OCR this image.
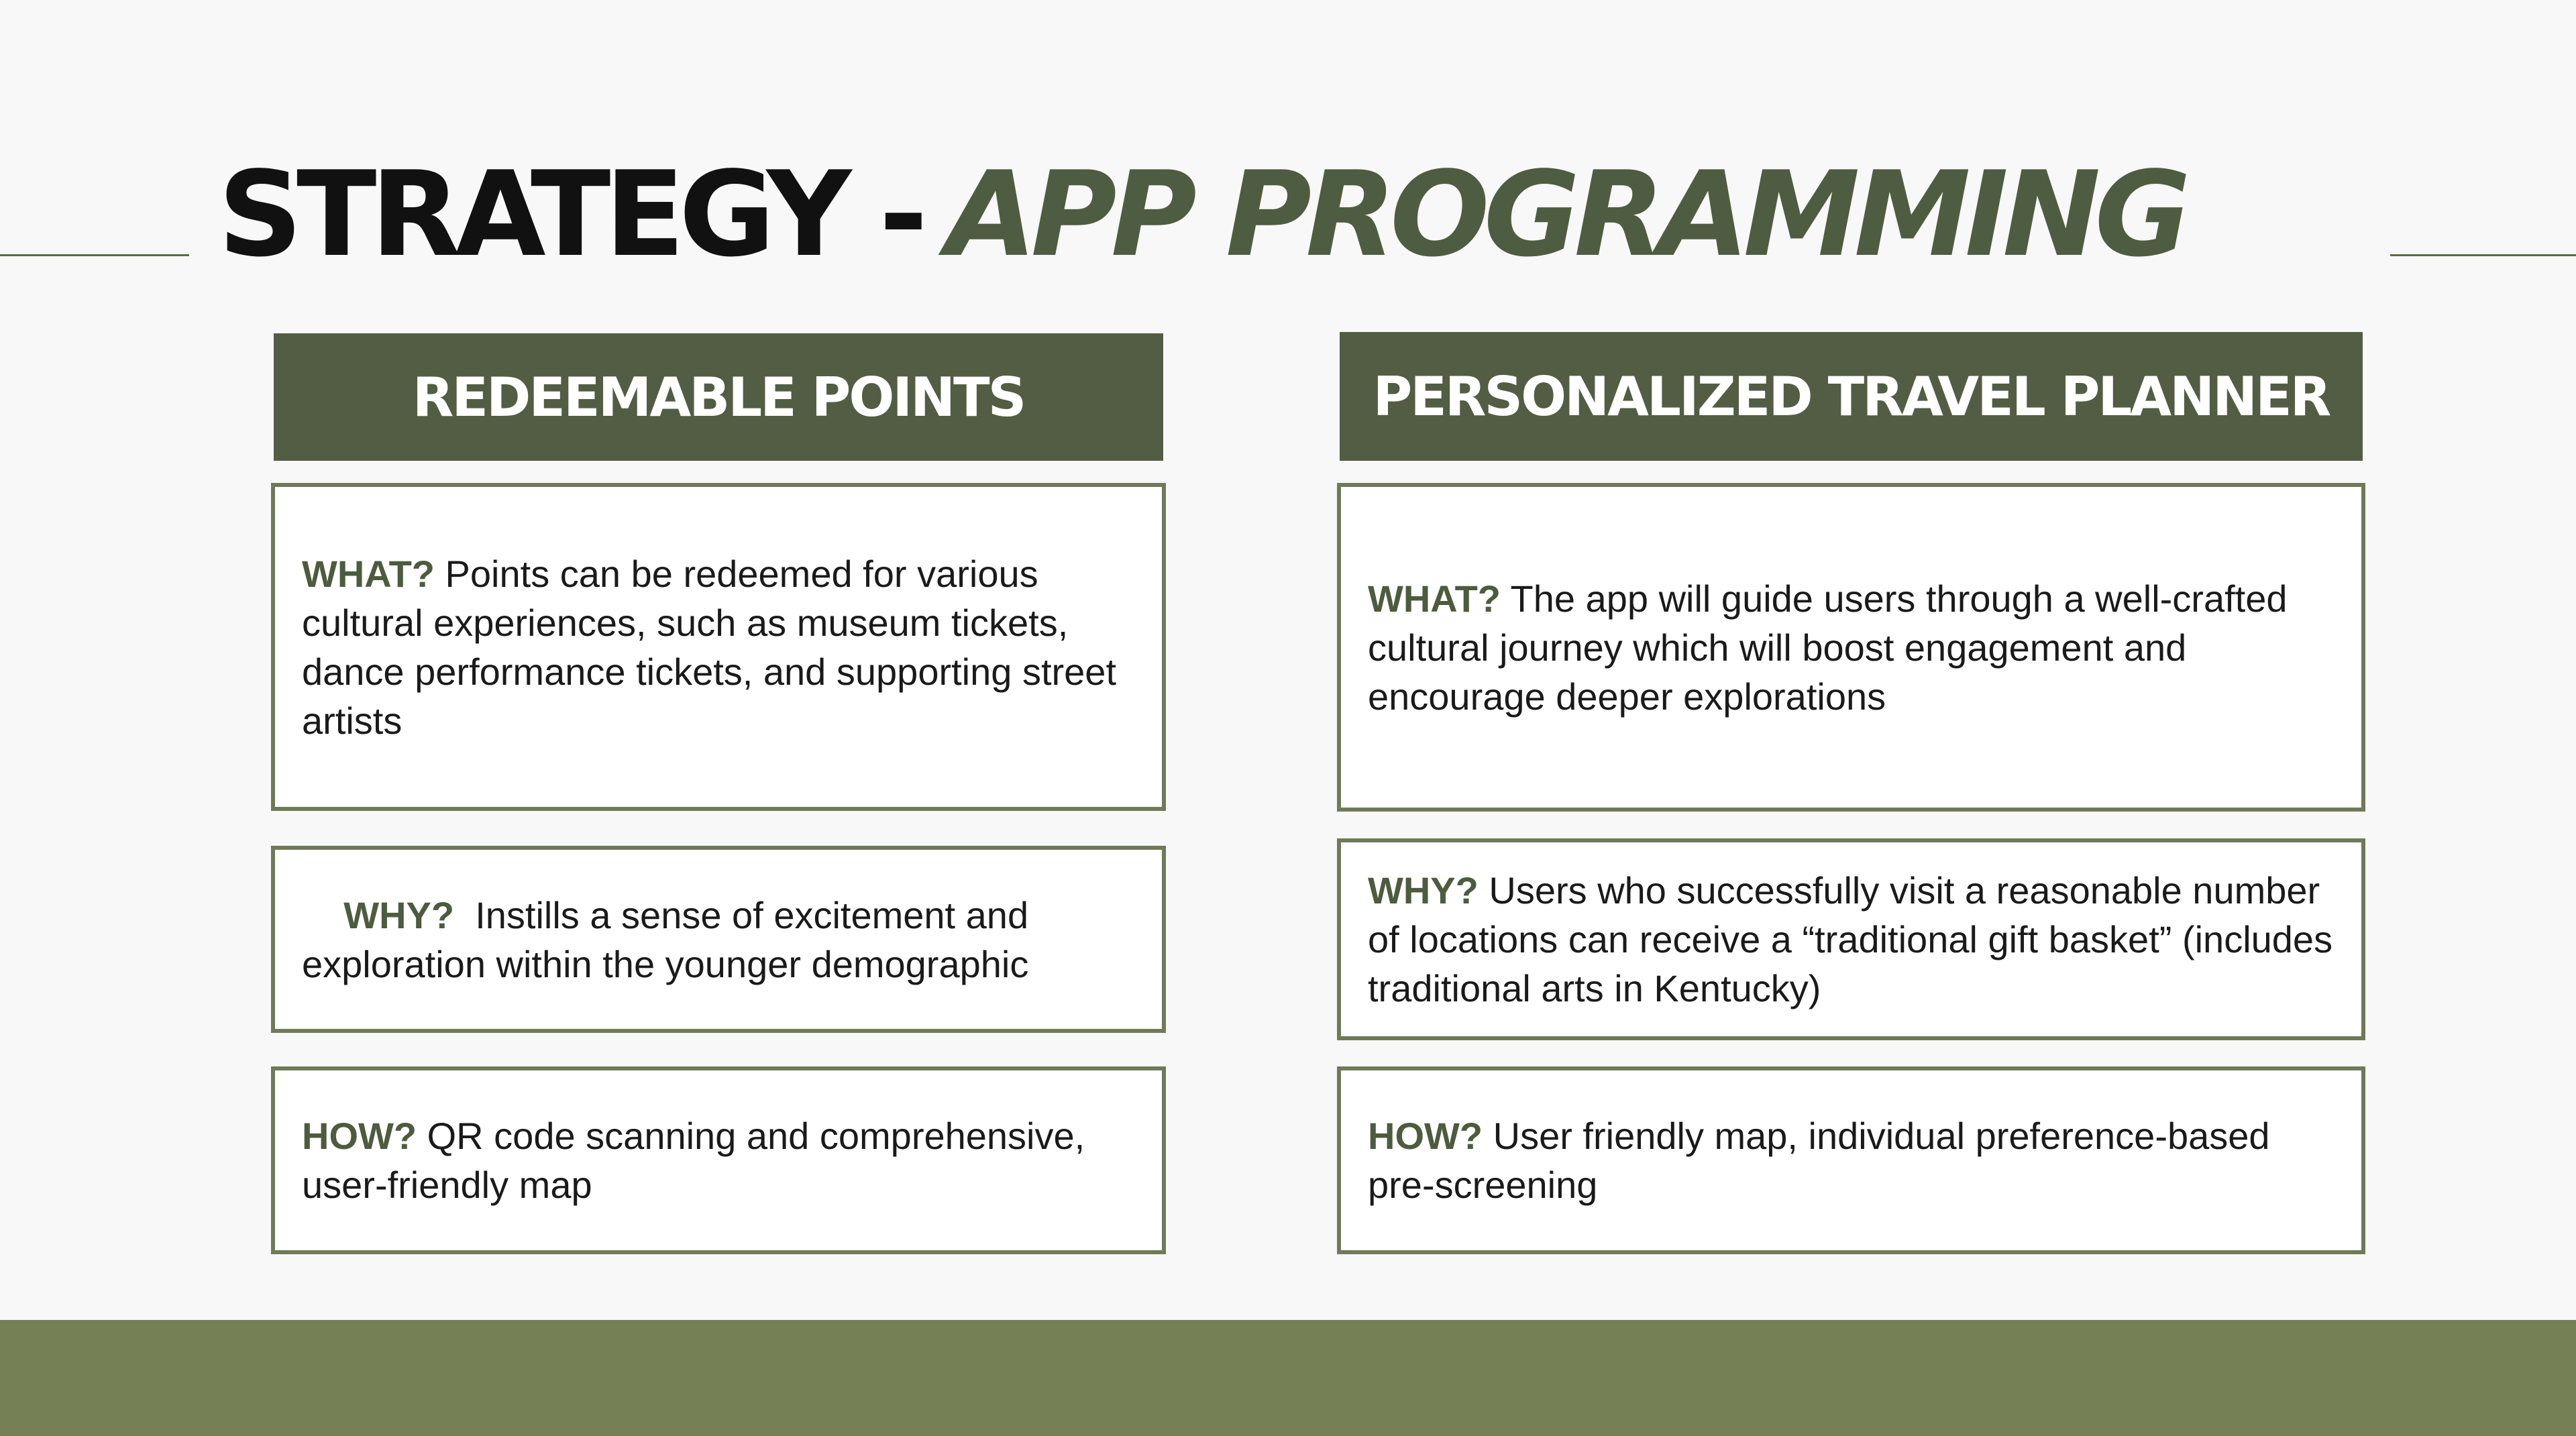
STRATEGY - APP PROGRAMMING
REDEEMABLE POINTS

WHAT? Points can be redeemed for various cultural experiences, such as museum tickets, dance performance tickets, and supporting street artists

WHY?  Instills a sense of excitement and exploration within the younger demographic

HOW? QR code scanning and comprehensive, user-friendly map

PERSONALIZED TRAVEL PLANNER

WHAT? The app will guide users through a well-crafted cultural journey which will boost engagement and encourage deeper explorations

WHY? Users who successfully visit a reasonable number of locations can receive a “traditional gift basket” (includes traditional arts in Kentucky)

HOW? User friendly map, individual preference-based pre-screening
